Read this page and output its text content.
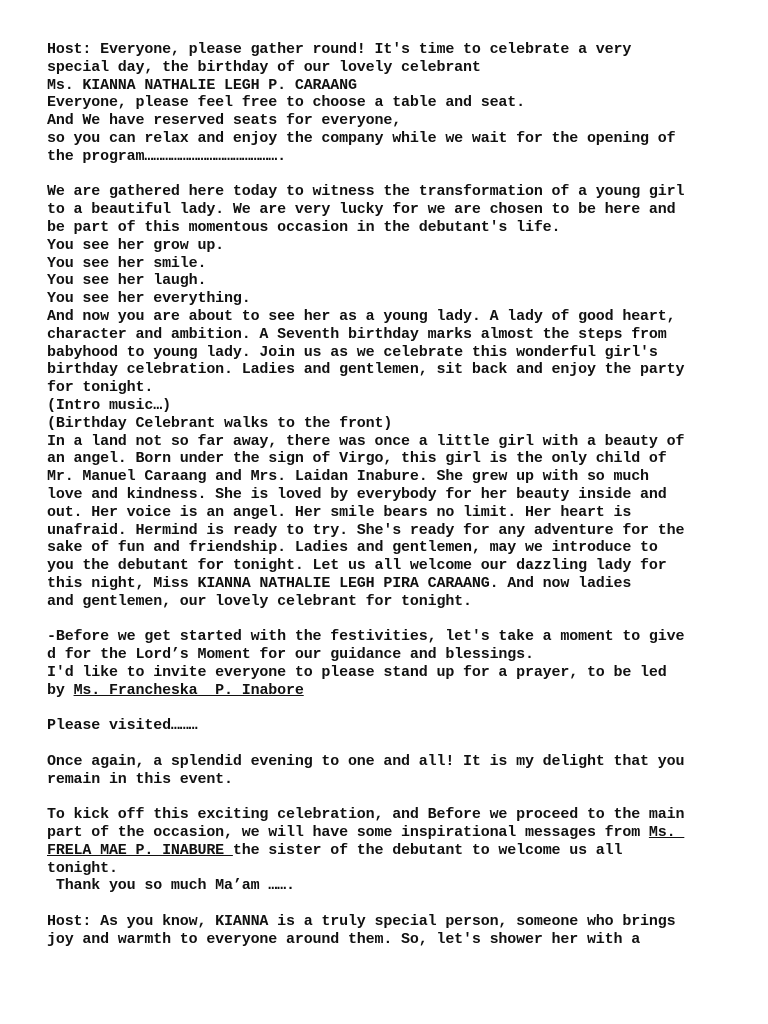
Host: Everyone, please gather round! It's time to celebrate a very
special day, the birthday of our lovely celebrant
Ms. KIANNA NATHALIE LEGH P. CARAANG
Everyone, please feel free to choose a table and seat.
And We have reserved seats for everyone,
so you can relax and enjoy the company while we wait for the opening of
the program……………………………………….
We are gathered here today to witness the transformation of a young girl
to a beautiful lady. We are very lucky for we are chosen to be here and
be part of this momentous occasion in the debutant's life.
You see her grow up.
You see her smile.
You see her laugh.
You see her everything.
And now you are about to see her as a young lady. A lady of good heart,
character and ambition. A Seventh birthday marks almost the steps from
babyhood to young lady. Join us as we celebrate this wonderful girl's
birthday celebration. Ladies and gentlemen, sit back and enjoy the party
for tonight.
(Intro music…)
(Birthday Celebrant walks to the front)
In a land not so far away, there was once a little girl with a beauty of
an angel. Born under the sign of Virgo, this girl is the only child of
Mr. Manuel Caraang and Mrs. Laidan Inabure. She grew up with so much
love and kindness. She is loved by everybody for her beauty inside and
out. Her voice is an angel. Her smile bears no limit. Her heart is
unafraid. Hermind is ready to try. She's ready for any adventure for the
sake of fun and friendship. Ladies and gentlemen, may we introduce to
you the debutant for tonight. Let us all welcome our dazzling lady for
this night, Miss KIANNA NATHALIE LEGH PIRA CARAANG. And now ladies
and gentlemen, our lovely celebrant for tonight.
-Before we get started with the festivities, let's take a moment to give
d for the Lord’s Moment for our guidance and blessings.
I'd like to invite everyone to please stand up for a prayer, to be led
by Ms. Francheska  P. Inabore
Please visited………
Once again, a splendid evening to one and all! It is my delight that you
remain in this event.
To kick off this exciting celebration, and Before we proceed to the main
part of the occasion, we will have some inspirational messages from Ms.
FRELA MAE P. INABURE the sister of the debutant to welcome us all
tonight.
Thank you so much Ma’am …….
Host: As you know, KIANNA is a truly special person, someone who brings
joy and warmth to everyone around them. So, let's shower her with a
